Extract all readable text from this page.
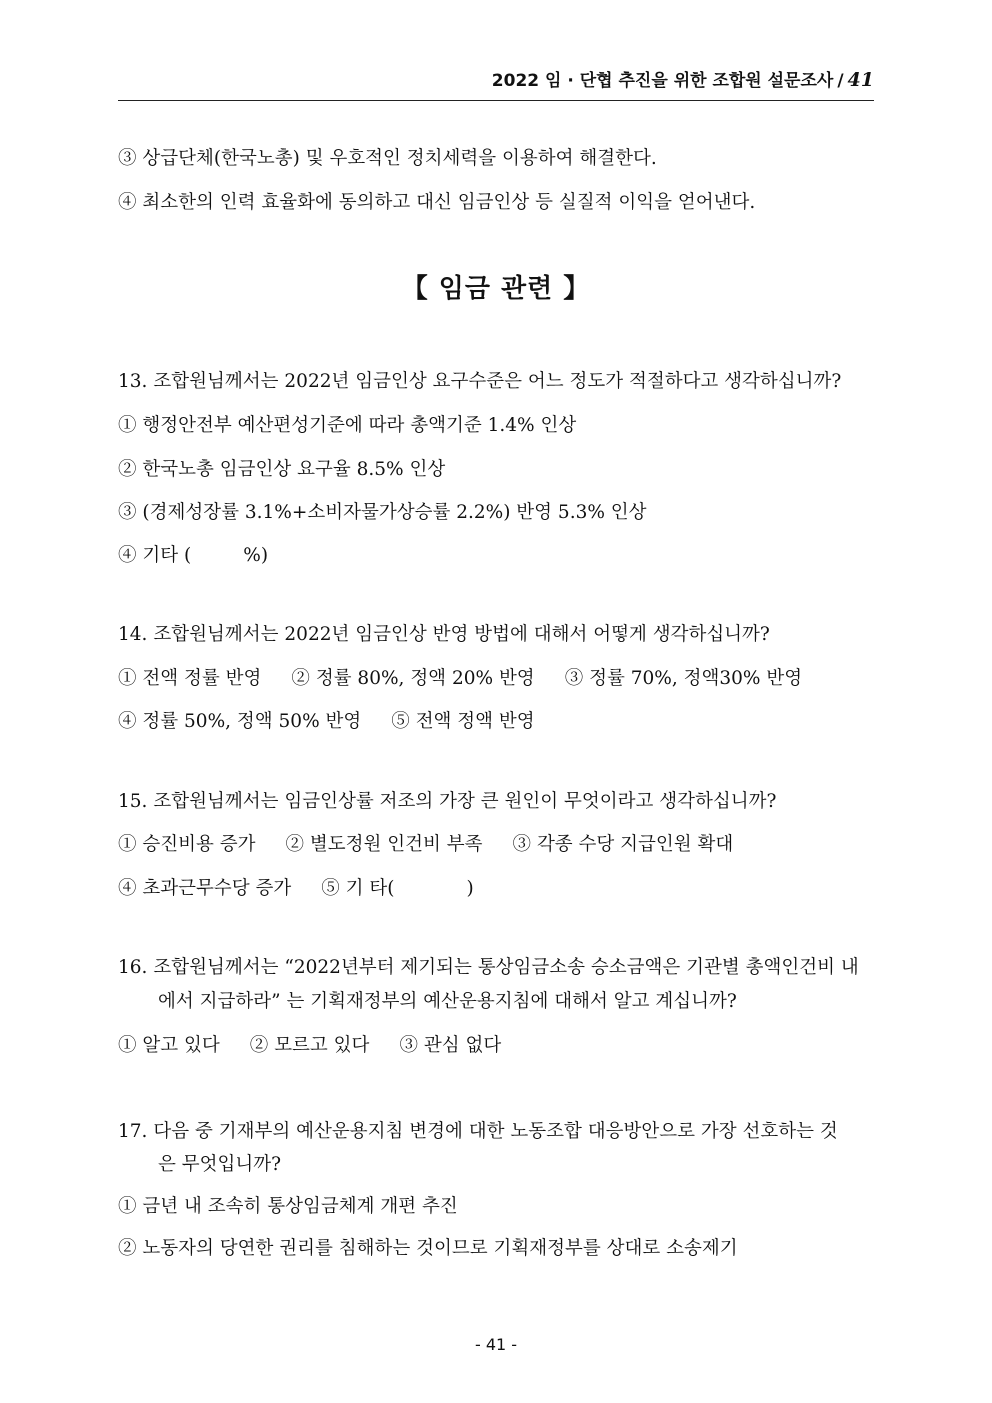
2022 임 · 단협 추진을 위한 조합원 설문조사 / 41
③ 상급단체(한국노총) 및 우호적인 정치세력을 이용하여 해결한다.
④ 최소한의 인력 효율화에 동의하고 대신 임금인상 등 실질적 이익을 얻어낸다.
【 임금 관련 】
13. 조합원님께서는 2022년 임금인상 요구수준은 어느 정도가 적절하다고 생각하십니까?
① 행정안전부 예산편성기준에 따라 총액기준 1.4% 인상
② 한국노총 임금인상 요구율 8.5% 인상
③ (경제성장률 3.1%+소비자물가상승률 2.2%) 반영 5.3% 인상
④ 기타 (	%)
14. 조합원님께서는 2022년 임금인상 반영 방법에 대해서 어떻게 생각하십니까?
① 전액 정률 반영 ② 정률 80%, 정액 20% 반영 ③ 정률 70%, 정액30% 반영
④ 정률 50%, 정액 50% 반영 ⑤ 전액 정액 반영
15. 조합원님께서는 임금인상률 저조의 가장 큰 원인이 무엇이라고 생각하십니까?
① 승진비용 증가 ② 별도정원 인건비 부족 ③ 각종 수당 지급인원 확대
④ 초과근무수당 증가 ⑤ 기 타(	)
16. 조합원님께서는 “2022년부터 제기되는 통상임금소송 승소금액은 기관별 총액인건비 내
에서 지급하라” 는 기획재정부의 예산운용지침에 대해서 알고 계십니까?
① 알고 있다 ② 모르고 있다 ③ 관심 없다
17. 다음 중 기재부의 예산운용지침 변경에 대한 노동조합 대응방안으로 가장 선호하는 것
은 무엇입니까?
① 금년 내 조속히 통상임금체계 개편 추진
② 노동자의 당연한 권리를 침해하는 것이므로 기획재정부를 상대로 소송제기
- 41 -
